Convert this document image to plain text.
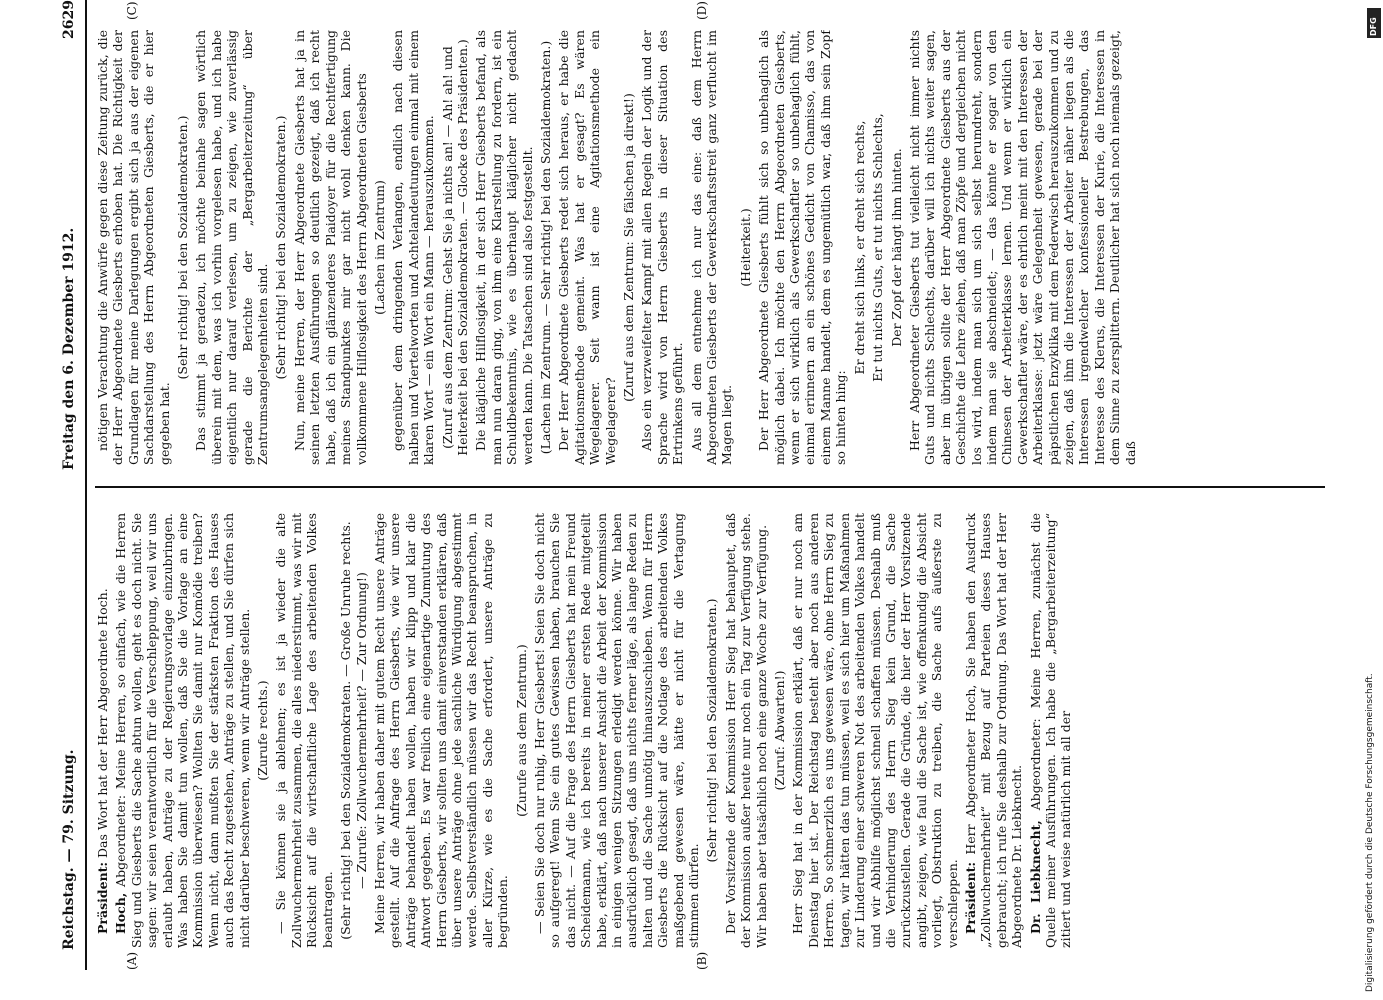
Reichstag. — 79. Sitzung.
Freitag den 6. Dezember 1912.
2629
(A)	(B)
(C)	(D)

Präsident: Das Wort hat der Herr Abgeordnete Hoch.

Hoch, Abgeordneter: Meine Herren, so einfach, wie die Herren Sieg und Giesberts die Sache abtun wollen, geht es doch nicht. Sie sagen: wir seien verantwortlich für die Verschleppung, weil wir uns erlaubt haben, Anträge zu der Regierungsvorlage einzubringen. Was haben Sie damit tun wollen, daß Sie die Vorlage an eine Kommission überwiesen? Wollten Sie damit nur Komödie treiben? Wenn nicht, dann mußten Sie der stärksten Fraktion des Hauses auch das Recht zugestehen, Anträge zu stellen, und Sie dürfen sich nicht darüber beschweren, wenn wir Anträge stellen. (Zurufe rechts.) — Sie können sie ja ablehnen; es ist ja wieder die alte Zollwuchermehrheit zusammen, die alles niederstimmt, was wir mit Rücksicht auf die wirtschaftliche Lage des arbeitenden Volkes beantragen. (Sehr richtig! bei den Sozialdemokraten. — Große Unruhe rechts. — Zurufe: Zollwuchermehrheit? — Zur Ordnung!) Meine Herren, wir haben daher mit gutem Recht unsere Anträge gestellt. Auf die Anfrage des Herrn Giesberts, wie wir unsere Anträge behandelt haben wollen, haben wir klipp und klar die Antwort gegeben. Es war freilich eine eigenartige Zumutung des Herrn Giesberts, wir sollten uns damit einverstanden erklären, daß über unsere Anträge ohne jede sachliche Würdigung abgestimmt werde. Selbstverständlich müssen wir das Recht beanspruchen, in aller Kürze, wie es die Sache erfordert, unsere Anträge zu begründen.

(Zurufe aus dem Zentrum.) — Seien Sie doch nur ruhig, Herr Giesberts! Seien Sie doch nicht so aufgeregt! Wenn Sie ein gutes Gewissen haben, brauchen Sie das nicht. — Auf die Frage des Herrn Giesberts hat mein Freund Scheidemann, wie ich bereits in meiner ersten Rede mitgeteilt habe, erklärt, daß nach unserer Ansicht die Arbeit der Kommission in einigen wenigen Sitzungen erledigt werden könne. Wir haben ausdrücklich gesagt, daß uns nichts ferner läge, als lange Reden zu halten und die Sache unnötig hinauszuschieben. Wenn für Herrn Giesberts die Rücksicht auf die Notlage des arbeitenden Volkes maßgebend gewesen wäre, hätte er nicht für die Vertagung stimmen dürfen.

(Sehr richtig! bei den Sozialdemokraten.) Der Vorsitzende der Kommission Herr Sieg hat behauptet, daß der Kommission außer heute nur noch ein Tag zur Verfügung stehe. Wir haben aber tatsächlich noch eine ganze Woche zur Verfügung. (Zuruf: Abwarten!) Herr Sieg hat in der Kommission erklärt, daß er nur noch am Dienstag hier ist. Der Reichstag besteht aber noch aus anderen Herren. So schmerzlich es uns gewesen wäre, ohne Herrn Sieg zu tagen, wir hätten das tun müssen, weil es sich hier um Maßnahmen zur Linderung einer schweren Not des arbeitenden Volkes handelt und wir Abhilfe möglichst schnell schaffen müssen. Deshalb muß die Verhinderung des Herrn Sieg kein Grund, die Sache zurückzustellen. Gerade die Gründe, die hier der Herr Vorsitzende angibt, zeigen, wie faul die Sache ist, wie offenkundig die Absicht vorliegt, Obstruktion zu treiben, die Sache aufs äußerste zu verschleppen. Präsident: Herr Abgeordneter Hoch, Sie haben den Ausdruck „Zollwuchermehrheit“ mit Bezug auf Parteien dieses Hauses gebraucht; ich rufe Sie deshalb zur Ordnung. Das Wort hat der Herr Abgeordnete Dr. Liebknecht. Dr. Liebknecht, Abgeordneter: Meine Herren, zunächst die Quelle meiner Ausführungen. Ich habe die „Bergarbeiterzeitung“ zitiert und weise natürlich mit all der

nötigen Verachtung die Anwürfe gegen diese Zeitung zurück, die der Herr Abgeordnete Giesberts erhoben hat. Die Richtigkeit der Grundlagen für meine Darlegungen ergibt sich ja aus der eigenen Sachdarstellung des Herrn Abgeordneten Giesberts, die er hier gegeben hat.

(Sehr richtig! bei den Sozialdemokraten.) Das stimmt ja geradezu, ich möchte beinahe sagen wörtlich überein mit dem, was ich vorhin vorgelesen habe, und ich habe eigentlich nur darauf verlesen, um zu zeigen, wie zuverlässig gerade die Berichte der „Bergarbeiterzeitung“ über Zentrumsangelegenheiten sind. (Sehr richtig! bei den Sozialdemokraten.) Nun, meine Herren, der Herr Abgeordnete Giesberts hat ja in seinen letzten Ausführungen so deutlich gezeigt, daß ich recht habe, daß ich ein glänzenderes Plaidoyer für die Rechtfertigung meines Standpunktes mir gar nicht wohl denken kann. Die vollkommene Hilflosigkeit des Herrn Abgeordneten Giesberts (Lachen im Zentrum) gegenüber dem dringenden Verlangen, endlich nach diesen halben und Viertelworten und Achtelandeutungen einmal mit einem klaren Wort — ein Wort ein Mann — herauszukommen. (Zuruf aus dem Zentrum: Gehst Sie ja nichts an! — Ah! ah! und Heiterkeit bei den Sozialdemokraten. — Glocke des Präsidenten.) Die klägliche Hilflosigkeit, in der sich Herr Giesberts befand, als man nun daran ging, von ihm eine Klarstellung zu fordern, ist ein Schuldbekenntnis, wie es überhaupt kläglicher nicht gedacht werden kann. Die Tatsachen sind also festgestellt. (Lachen im Zentrum. — Sehr richtig! bei den Sozialdemokraten.) Der Herr Abgeordnete Giesberts redet sich heraus, er habe die Agitationsmethode gemeint. Was hat er gesagt? Es wären Wegelagerer. Seit wann ist eine Agitationsmethode ein Wegelagerer?

(Zuruf aus dem Zentrum: Sie fälschen ja direkt!) Also ein verzweifelter Kampf mit allen Regeln der Logik und der Sprache wird von Herrn Giesberts in dieser Situation des Ertrinkens geführt. Aus all dem entnehme ich nur das eine: daß dem Herrn Abgeordneten Giesberts der Gewerkschaftsstreit ganz verflucht im Magen liegt.

(Heiterkeit.) Der Herr Abgeordnete Giesberts fühlt sich so unbehaglich als möglich dabei. Ich möchte den Herrn Abgeordneten Giesberts, wenn er sich wirklich als Gewerkschaftler so unbehaglich fühlt, einmal erinnern an ein schönes Gedicht von Chamisso, das von einem Manne handelt, dem es ungemütlich war, daß ihm sein Zopf so hinten hing:

Er dreht sich links, er dreht sich rechts, Er tut nichts Guts, er tut nichts Schlechts, Der Zopf der hängt ihm hinten. Herr Abgeordneter Giesberts tut vielleicht nicht immer nichts Guts und nichts Schlechts, darüber will ich nichts weiter sagen, aber im übrigen sollte der Herr Abgeordnete Giesberts aus der Geschichte die Lehre ziehen, daß man Zöpfe und dergleichen nicht los wird, indem man sich um sich selbst herumdreht, sondern indem man sie abschneidet; — das könnte er sogar von den Chinesen der Arbeiterklasse lernen. Und wenn er wirklich ein Gewerkschaftler wäre, der es ehrlich meint mit den Interessen der Arbeiterklasse: jetzt wäre Gelegenheit gewesen, gerade bei der päpstlichen Enzyklika mit dem Federwisch herauszukommen und zu zeigen, daß ihm die Interessen der Arbeiter näher liegen als die Interessen irgendwelcher konfessioneller Bestrebungen, das Interesse des Klerus, die Interessen der Kurie, die Interessen in dem Sinne zu zersplittern. Deutlicher hat sich noch niemals gezeigt, daß

Digitalisierung gefördert durch die Deutsche Forschungsgemeinschaft.
DFG
